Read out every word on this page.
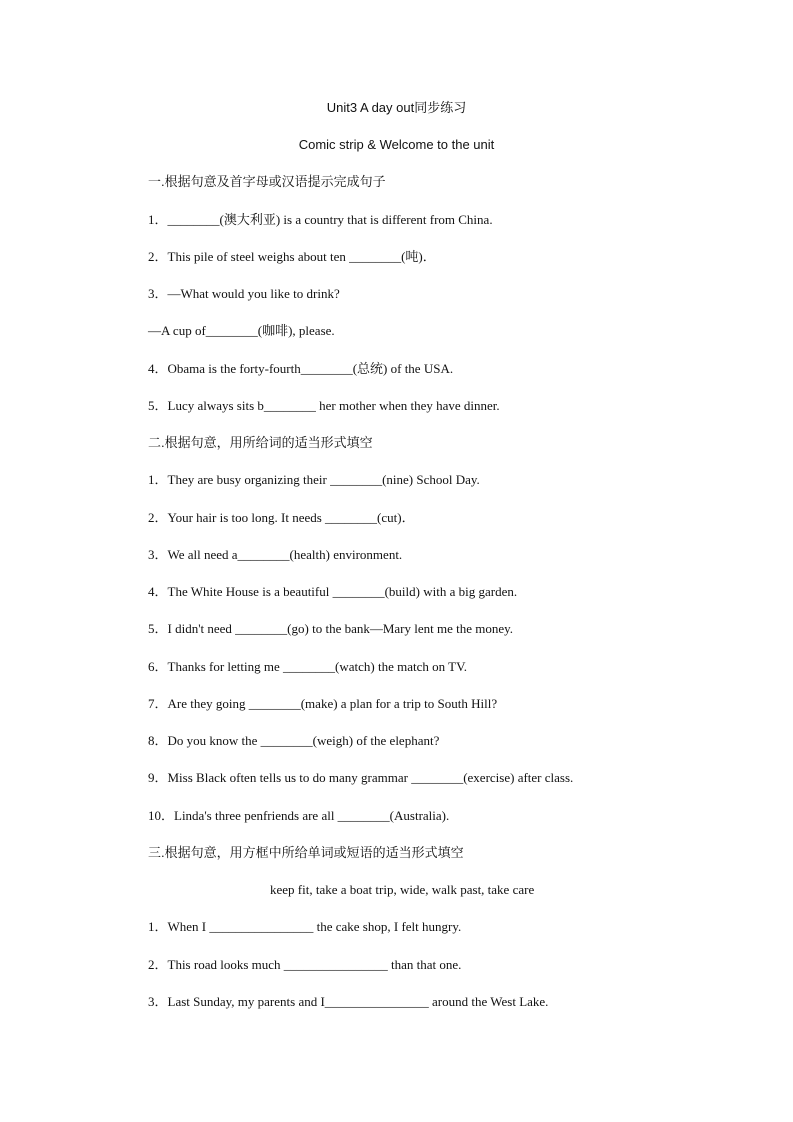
Unit3 A day out同步练习
Comic strip & Welcome to the unit
一.根据句意及首字母或汉语提示完成句子
1．________(澳大利亚) is a country that is different from China.
2．This pile of steel weighs about ten ________(吨)．
3．—What would you like to drink?
—A cup of________(咖啡), please.
4．Obama is the forty-fourth________(总统) of the USA.
5．Lucy always sits b________ her mother when they have dinner.
二.根据句意，用所给词的适当形式填空
1．They are busy organizing their ________(nine) School Day.
2．Your hair is too long. It needs ________(cut)．
3．We all need a________(health) environment.
4．The White House is a beautiful ________(build) with a big garden.
5．I didn't need ________(go) to the bank—Mary lent me the money.
6．Thanks for letting me ________(watch) the match on TV.
7．Are they going ________(make) a plan for a trip to South Hill?
8．Do you know the ________(weigh) of the elephant?
9．Miss Black often tells us to do many grammar ________(exercise) after class.
10．Linda's three penfriends are all ________(Australia).
三.根据句意，用方框中所给单词或短语的适当形式填空
keep fit, take a boat trip, wide, walk past, take care
1．When I ________________ the cake shop, I felt hungry.
2．This road looks much ________________ than that one.
3．Last Sunday, my parents and I________________ around the West Lake.
